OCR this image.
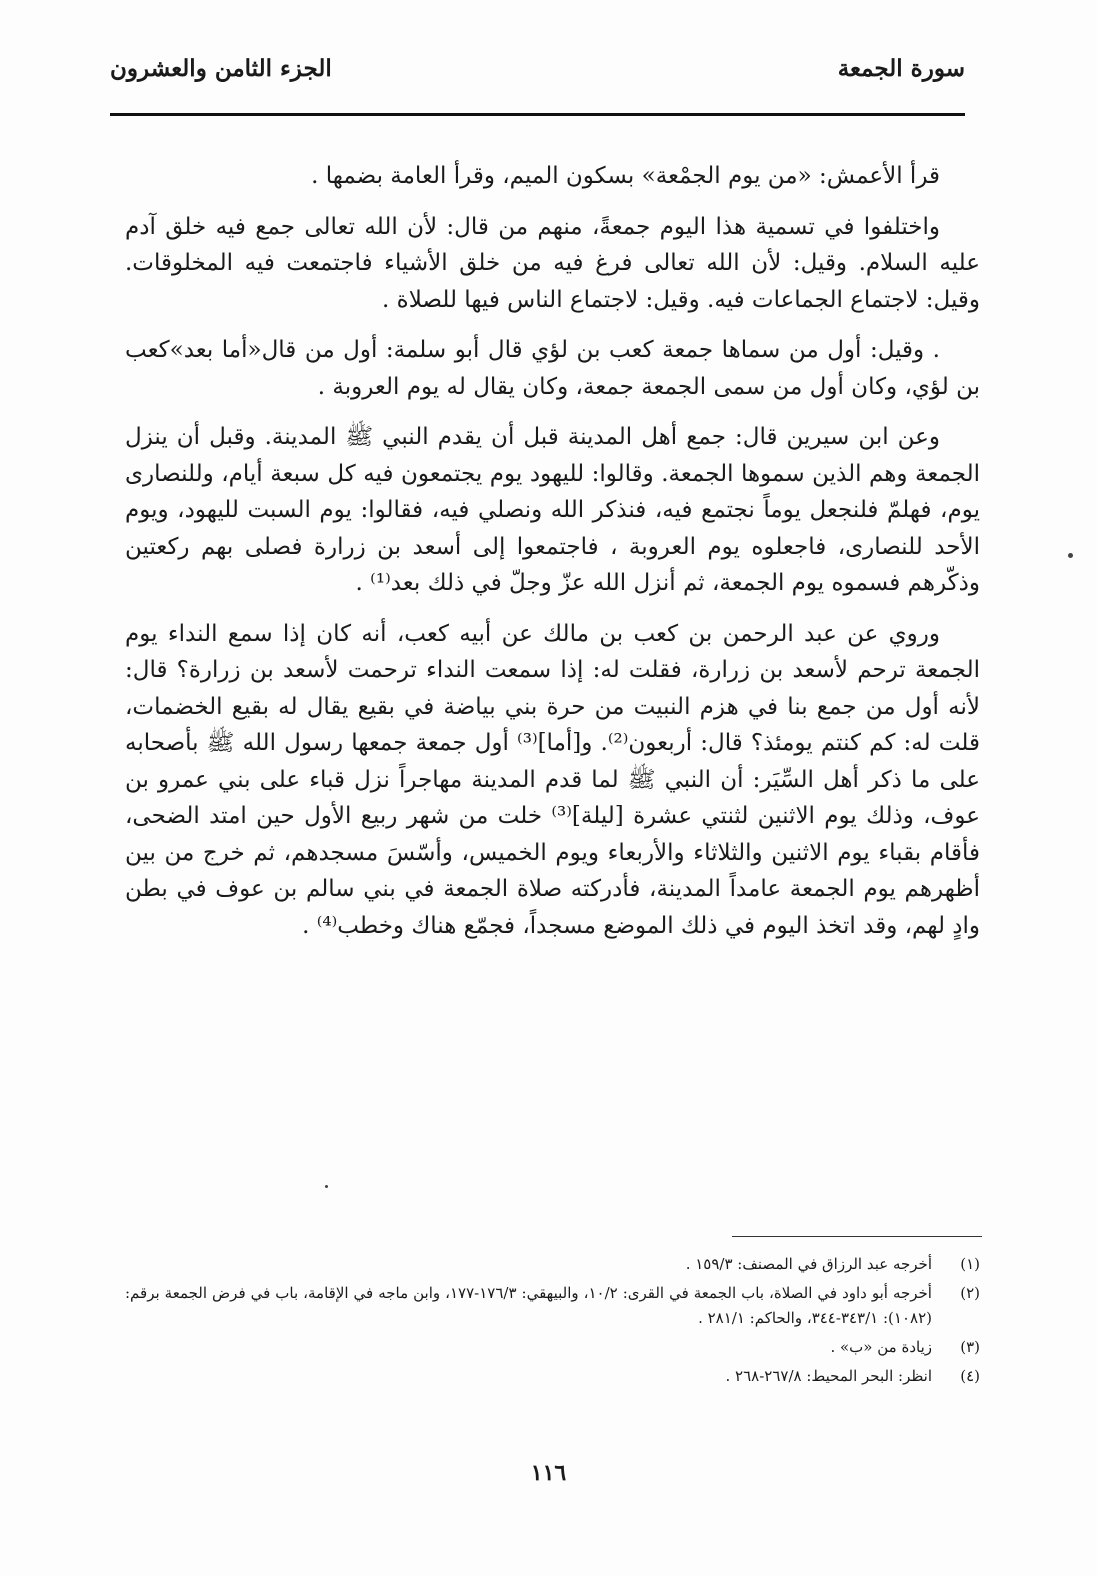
سورة الجمعة
الجزء الثامن والعشرون

قرأ الأعمش: «من يوم الجمْعة» بسكون الميم، وقرأ العامة بضمها .

واختلفوا في تسمية هذا اليوم جمعةً، منهم من قال: لأن الله تعالى جمع فيه خلق آدم عليه السلام. وقيل: لأن الله تعالى فرغ فيه من خلق الأشياء فاجتمعت فيه المخلوقات. وقيل: لاجتماع الجماعات فيه. وقيل: لاجتماع الناس فيها للصلاة .

. وقيل: أول من سماها جمعة كعب بن لؤي قال أبو سلمة: أول من قال«أما بعد»كعب بن لؤي، وكان أول من سمى الجمعة جمعة، وكان يقال له يوم العروبة .

وعن ابن سيرين قال: جمع أهل المدينة قبل أن يقدم النبي ﷺ المدينة. وقبل أن ينزل الجمعة وهم الذين سموها الجمعة. وقالوا: لليهود يوم يجتمعون فيه كل سبعة أيام، وللنصارى يوم، فهلمّ فلنجعل يوماً نجتمع فيه، فنذكر الله ونصلي فيه، فقالوا: يوم السبت لليهود، ويوم الأحد للنصارى، فاجعلوه يوم العروبة ، فاجتمعوا إلى أسعد بن زرارة فصلى بهم ركعتين وذكّرهم فسموه يوم الجمعة، ثم أنزل الله عزّ وجلّ في ذلك بعد⁽¹⁾ .

وروي عن عبد الرحمن بن كعب بن مالك عن أبيه كعب، أنه كان إذا سمع النداء يوم الجمعة ترحم لأسعد بن زرارة، فقلت له: إذا سمعت النداء ترحمت لأسعد بن زرارة؟ قال: لأنه أول من جمع بنا في هزم النبيت من حرة بني بياضة في بقيع يقال له بقيع الخضمات، قلت له: كم كنتم يومئذ؟ قال: أربعون⁽²⁾. و[أما]⁽³⁾ أول جمعة جمعها رسول الله ﷺ بأصحابه على ما ذكر أهل السِّيَر: أن النبي ﷺ لما قدم المدينة مهاجراً نزل قباء على بني عمرو بن عوف، وذلك يوم الاثنين لثنتي عشرة [ليلة]⁽³⁾ خلت من شهر ربيع الأول حين امتد الضحى، فأقام بقباء يوم الاثنين والثلاثاء والأربعاء ويوم الخميس، وأسّسَ مسجدهم، ثم خرج من بين أظهرهم يوم الجمعة عامداً المدينة، فأدركته صلاة الجمعة في بني سالم بن عوف في بطن وادٍ لهم، وقد اتخذ اليوم في ذلك الموضع مسجداً، فجمّع هناك وخطب⁽⁴⁾ .

(١)
أخرجه عبد الرزاق في المصنف: ١٥٩/٣ .
(٢)
أخرجه أبو داود في الصلاة، باب الجمعة في القرى: ١٠/٢، والبيهقي: ١٧٦/٣-١٧٧، وابن ماجه في الإقامة، باب في فرض الجمعة برقم: (١٠٨٢): ٣٤٣/١-٣٤٤، والحاكم: ٢٨١/١ .
(٣)
زيادة من «ب» .
(٤)
انظر: البحر المحيط: ٢٦٧/٨-٢٦٨ .
١١٦
